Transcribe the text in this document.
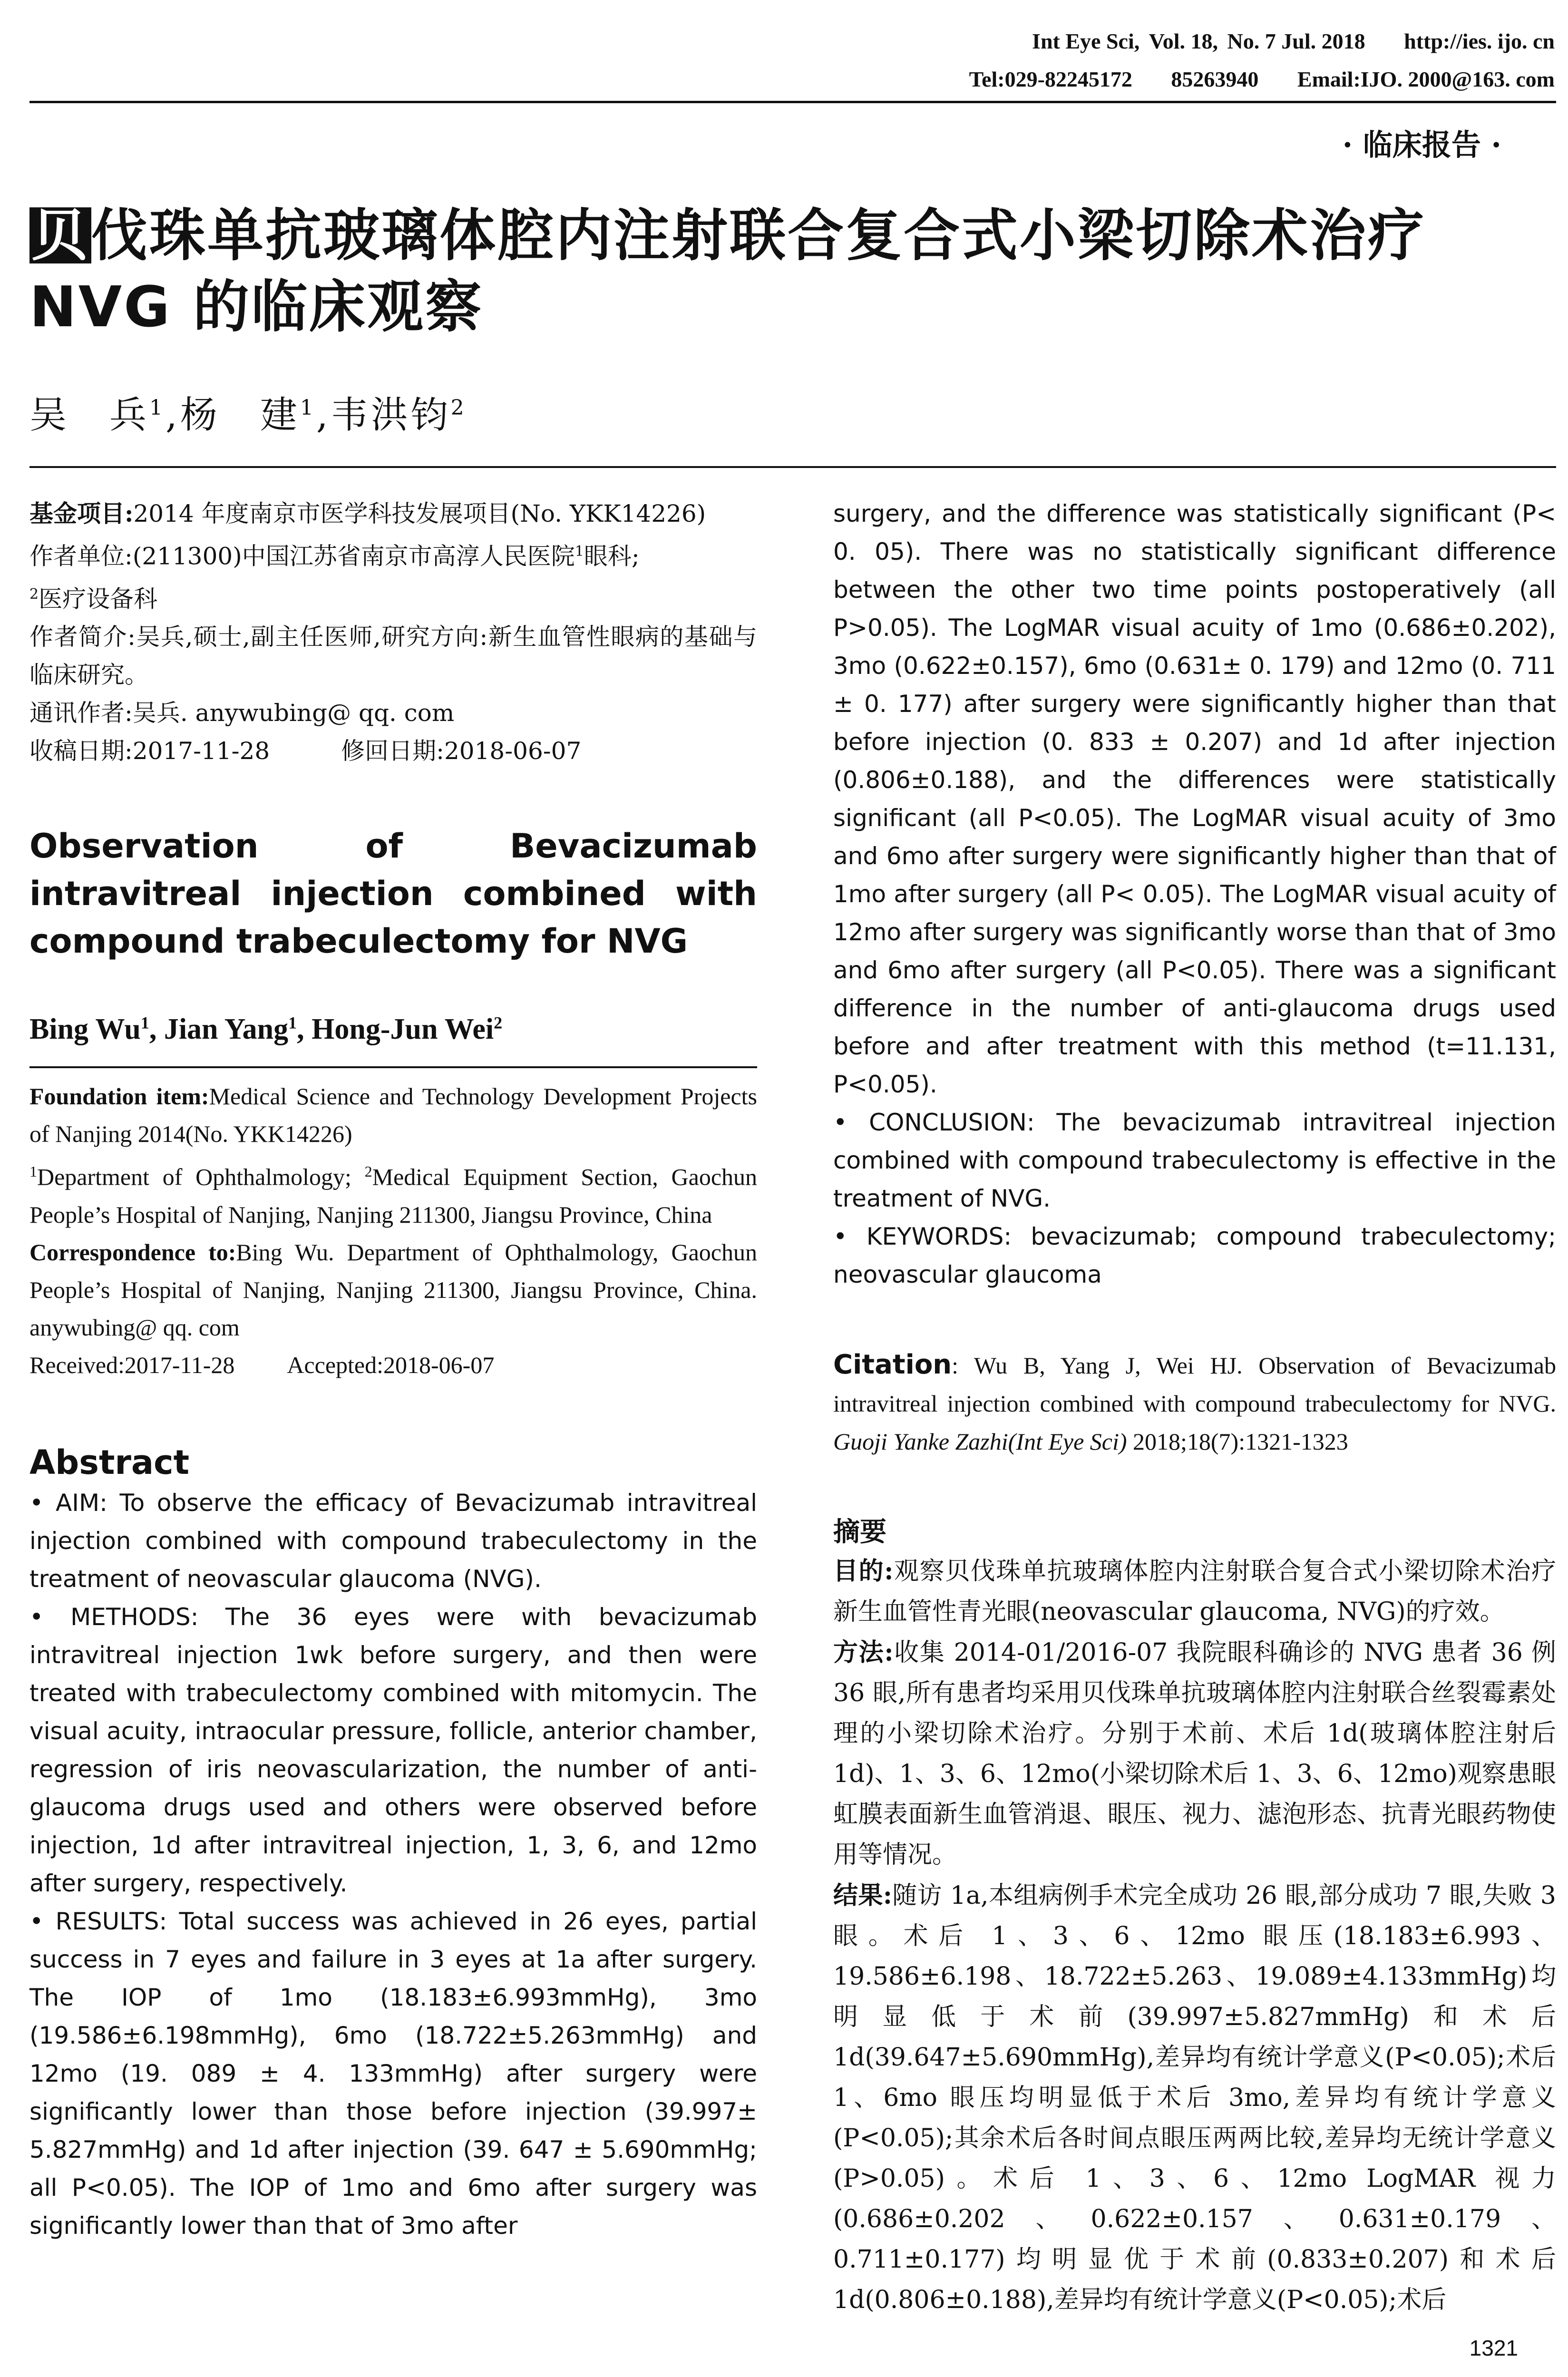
Int Eye Sci, Vol. 18, No. 7 Jul. 2018 http://ies. ijo. cn
Tel:029-82245172 85263940 Email:IJO. 2000@163. com
· 临床报告 ·
贝伐珠单抗玻璃体腔内注射联合复合式小梁切除术治疗
NVG 的临床观察
吴　兵$^1$,杨　建$^1$,韦洪钧$^2$

基金项目:2014 年度南京市医学科技发展项目(No. YKK14226)

作者单位:(211300)中国江苏省南京市高淳人民医院$^1$眼科;
$^2$医疗设备科

作者简介:吴兵,硕士,副主任医师,研究方向:新生血管性眼病的基础与临床研究。

通讯作者:吴兵. anywubing@ qq. com

收稿日期:2017-11-28	修回日期:2018-06-07

Observation of Bevacizumab intravitreal injection combined with compound trabeculectomy for NVG
Bing Wu$^1$, Jian Yang$^1$, Hong-Jun Wei$^2$

Foundation item:Medical Science and Technology Development Projects of Nanjing 2014(No. YKK14226)

$^1$Department of Ophthalmology; $^2$Medical Equipment Section, Gaochun People’s Hospital of Nanjing, Nanjing 211300, Jiangsu Province, China

Correspondence to:Bing Wu. Department of Ophthalmology, Gaochun People’s Hospital of Nanjing, Nanjing 211300, Jiangsu Province, China. anywubing@ qq. com

Received:2017-11-28 Accepted:2018-06-07

Abstract

• AIM: To observe the efficacy of Bevacizumab intravitreal injection combined with compound trabeculectomy in the treatment of neovascular glaucoma (NVG).

• METHODS: The 36 eyes were with bevacizumab intravitreal injection 1wk before surgery, and then were treated with trabeculectomy combined with mitomycin. The visual acuity, intraocular pressure, follicle, anterior chamber, regression of iris neovascularization, the number of anti-glaucoma drugs used and others were observed before injection, 1d after intravitreal injection, 1, 3, 6, and 12mo after surgery, respectively.

• RESULTS: Total success was achieved in 26 eyes, partial success in 7 eyes and failure in 3 eyes at 1a after surgery. The IOP of 1mo (18.183±6.993mmHg), 3mo (19.586±6.198mmHg), 6mo (18.722±5.263mmHg) and 12mo (19. 089 ± 4. 133mmHg) after surgery were significantly lower than those before injection (39.997± 5.827mmHg) and 1d after injection (39. 647 ± 5.690mmHg; all P<0.05). The IOP of 1mo and 6mo after surgery was significantly lower than that of 3mo after

surgery, and the difference was statistically significant (P< 0. 05). There was no statistically significant difference between the other two time points postoperatively (all P>0.05). The LogMAR visual acuity of 1mo (0.686±0.202), 3mo (0.622±0.157), 6mo (0.631± 0. 179) and 12mo (0. 711 ± 0. 177) after surgery were significantly higher than that before injection (0. 833 ± 0.207) and 1d after injection (0.806±0.188), and the differences were statistically significant (all P<0.05). The LogMAR visual acuity of 3mo and 6mo after surgery were significantly higher than that of 1mo after surgery (all P< 0.05). The LogMAR visual acuity of 12mo after surgery was significantly worse than that of 3mo and 6mo after surgery (all P<0.05). There was a significant difference in the number of anti-glaucoma drugs used before and after treatment with this method (t=11.131, P<0.05).

• CONCLUSION: The bevacizumab intravitreal injection combined with compound trabeculectomy is effective in the treatment of NVG.

• KEYWORDS: bevacizumab; compound trabeculectomy; neovascular glaucoma

Citation: Wu B, Yang J, Wei HJ. Observation of Bevacizumab intravitreal injection combined with compound trabeculectomy for NVG. Guoji Yanke Zazhi(Int Eye Sci) 2018;18(7):1321-1323
摘要

目的:观察贝伐珠单抗玻璃体腔内注射联合复合式小梁切除术治疗新生血管性青光眼(neovascular glaucoma, NVG)的疗效。

方法:收集 2014-01/2016-07 我院眼科确诊的 NVG 患者 36 例 36 眼,所有患者均采用贝伐珠单抗玻璃体腔内注射联合丝裂霉素处理的小梁切除术治疗。分别于术前、术后 1d(玻璃体腔注射后 1d)、1、3、6、12mo(小梁切除术后 1、3、6、12mo)观察患眼虹膜表面新生血管消退、眼压、视力、滤泡形态、抗青光眼药物使用等情况。

结果:随访 1a,本组病例手术完全成功 26 眼,部分成功 7 眼,失败 3 眼。术后 1、3、6、12mo 眼压(18.183±6.993、19.586±6.198、18.722±5.263、19.089±4.133mmHg)均明显低于术前(39.997±5.827mmHg)和术后 1d(39.647±5.690mmHg),差异均有统计学意义(P<0.05);术后 1、6mo 眼压均明显低于术后 3mo,差异均有统计学意义(P<0.05);其余术后各时间点眼压两两比较,差异均无统计学意义(P>0.05)。术后 1、3、6、12mo LogMAR 视力(0.686±0.202、0.622±0.157、0.631±0.179、0.711±0.177)均明显优于术前(0.833±0.207)和术后 1d(0.806±0.188),差异均有统计学意义(P<0.05);术后

1321
